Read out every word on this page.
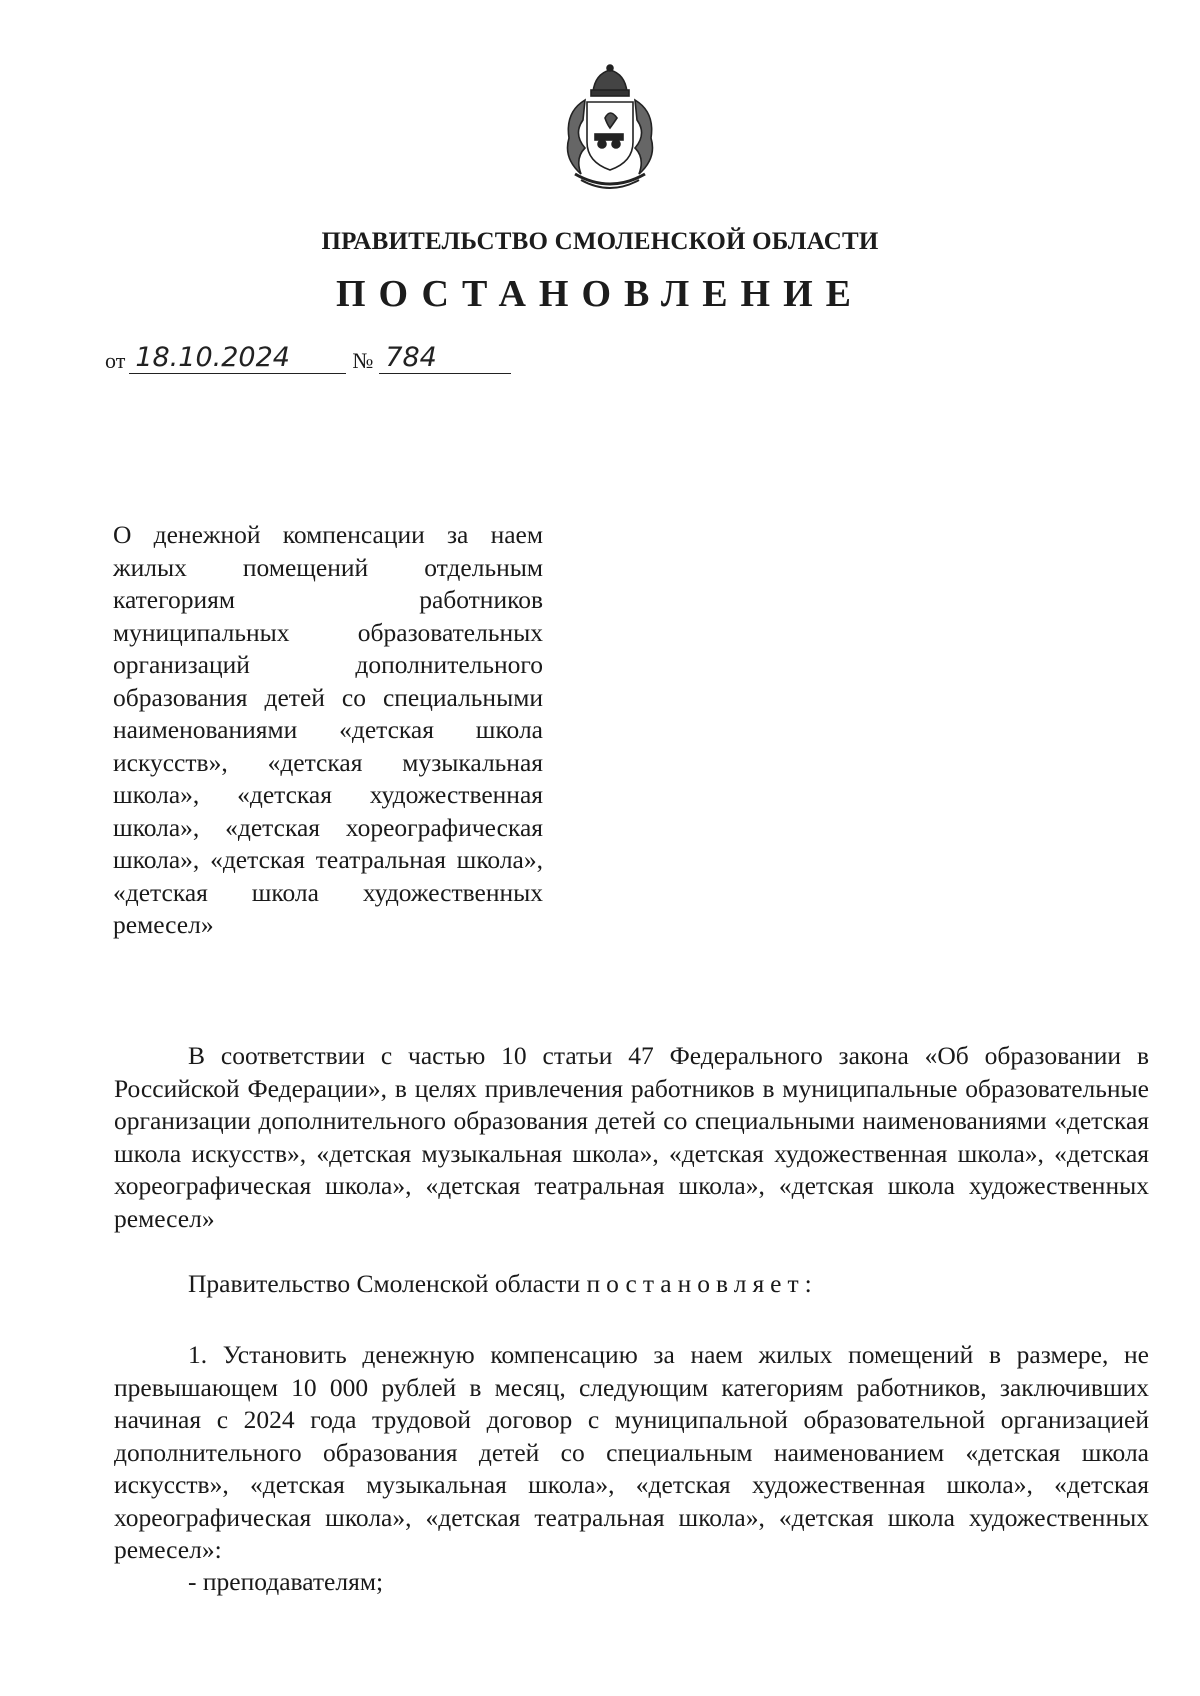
ПРАВИТЕЛЬСТВО СМОЛЕНСКОЙ ОБЛАСТИ
ПОСТАНОВЛЕНИЕ
от 18.10.2024	№ 784
О денежной компенсации за наем жилых помещений отдельным категориям работников муниципальных образовательных организаций дополнительного образования детей со специальными наименованиями «детская школа искусств», «детская музыкальная школа», «детская художественная школа», «детская хореографическая школа», «детская театральная школа», «детская школа художественных ремесел»
В соответствии с частью 10 статьи 47 Федерального закона «Об образовании в Российской Федерации», в целях привлечения работников в муниципальные образовательные организации дополнительного образования детей со специальными наименованиями «детская школа искусств», «детская музыкальная школа», «детская художественная школа», «детская хореографическая школа», «детская театральная школа», «детская школа художественных ремесел»
Правительство Смоленской области постановляет:
1. Установить денежную компенсацию за наем жилых помещений в размере, не превышающем 10 000 рублей в месяц, следующим категориям работников, заключивших начиная с 2024 года трудовой договор с муниципальной образовательной организацией дополнительного образования детей со специальным наименованием «детская школа искусств», «детская музыкальная школа», «детская художественная школа», «детская хореографическая школа», «детская театральная школа», «детская школа художественных ремесел»:
- преподавателям;
